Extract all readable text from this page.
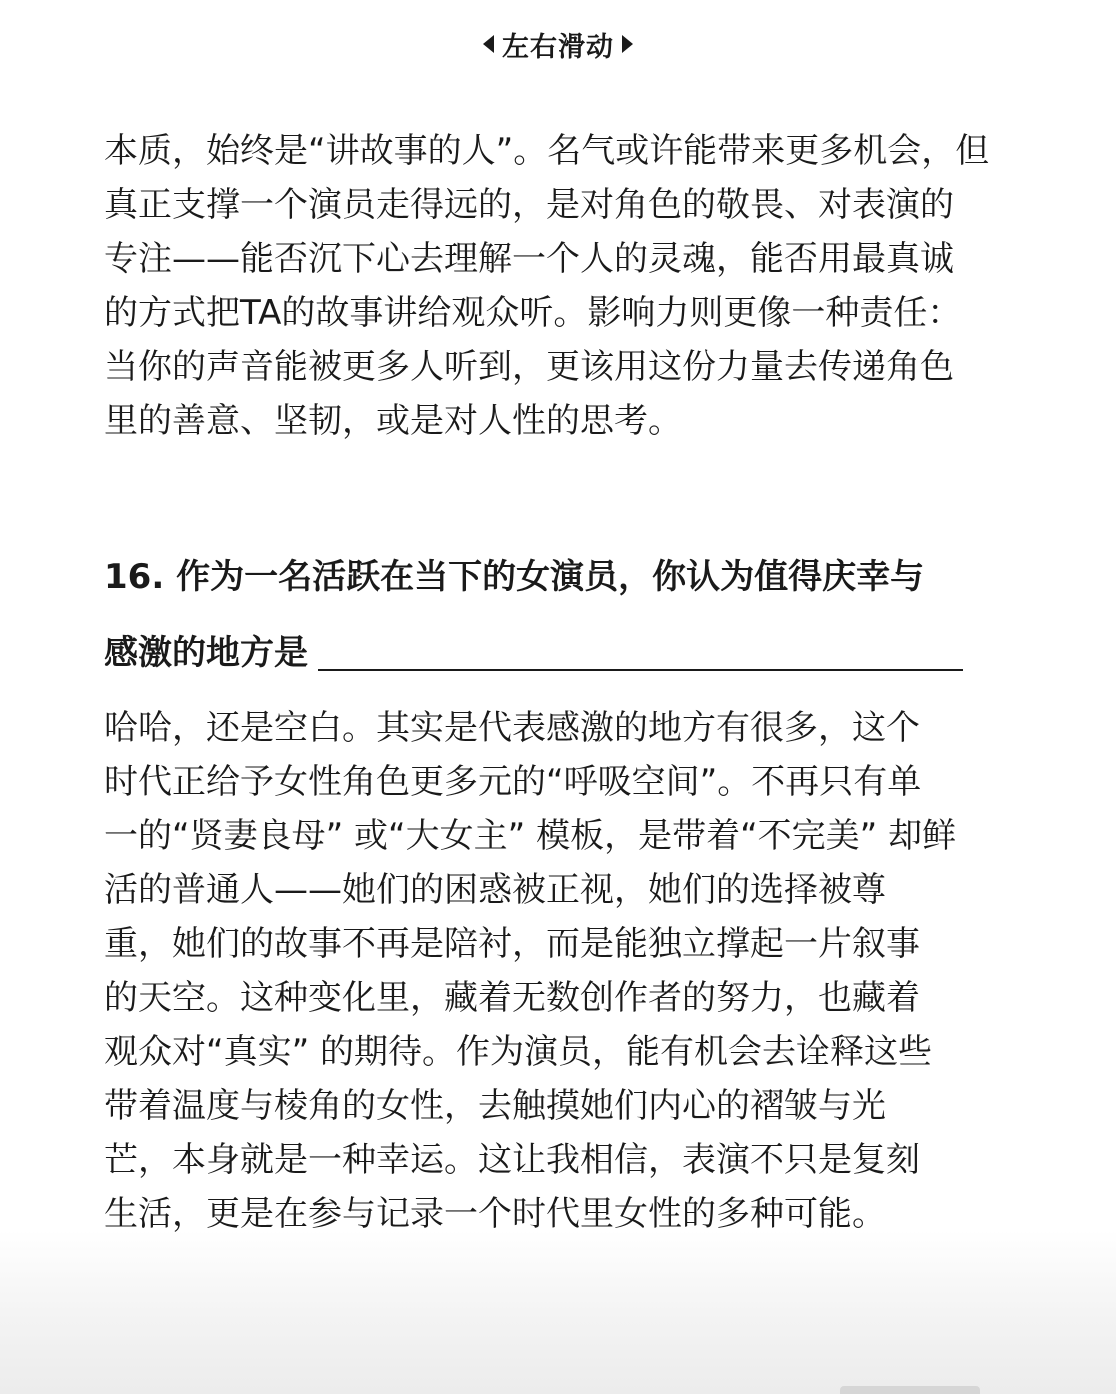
左右滑动
本质，始终是“讲故事的人”。名气或许能带来更多机会，但
真正支撑一个演员走得远的，是对角色的敬畏、对表演的
专注——能否沉下心去理解一个人的灵魂，能否用最真诚
的方式把TA的故事讲给观众听。影响力则更像一种责任：
当你的声音能被更多人听到，更该用这份力量去传递角色
里的善意、坚韧，或是对人性的思考。
16. 作为一名活跃在当下的女演员，你认为值得庆幸与
感激的地方是
哈哈，还是空白。其实是代表感激的地方有很多，这个
时代正给予女性角色更多元的“呼吸空间”。不再只有单
一的“贤妻良母” 或“大女主” 模板，是带着“不完美” 却鲜
活的普通人——她们的困惑被正视，她们的选择被尊
重，她们的故事不再是陪衬，而是能独立撑起一片叙事
的天空。这种变化里，藏着无数创作者的努力，也藏着
观众对“真实” 的期待。作为演员，能有机会去诠释这些
带着温度与棱角的女性，去触摸她们内心的褶皱与光
芒，本身就是一种幸运。这让我相信，表演不只是复刻
生活，更是在参与记录一个时代里女性的多种可能。
